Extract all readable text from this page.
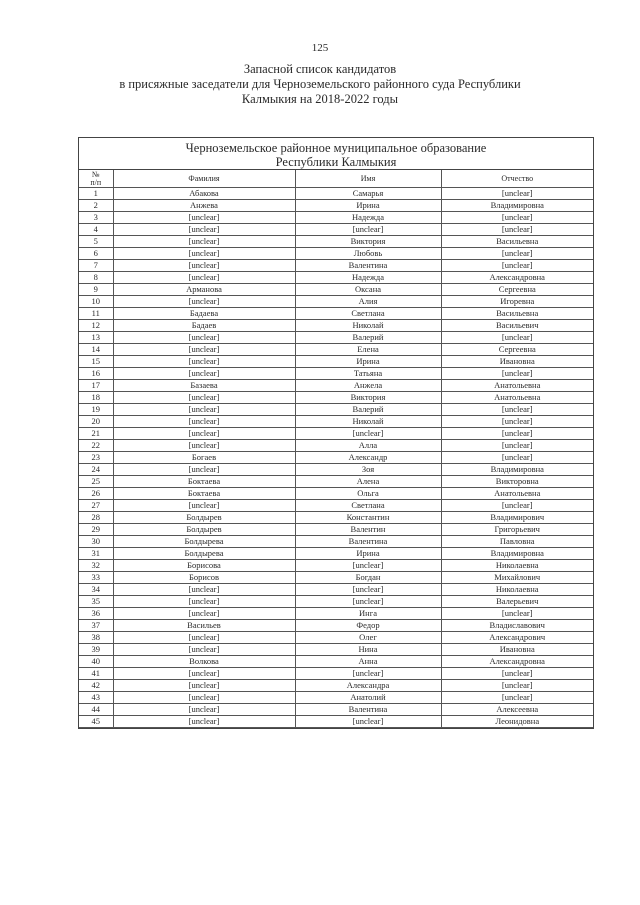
125
Запасной список кандидатов
в присяжные заседатели для Черноземельского районного суда Республики
Калмыкия на 2018-2022 годы
Черноземельское районное муниципальное образование
Республики Калмыкия
№
п/п	Фамилия	Имя	Отчество
1	Абакова	Самарья	[unclear]
2	Анжева	Ирина	Владимировна
3	[unclear]	Надежда	[unclear]
4	[unclear]	[unclear]	[unclear]
5	[unclear]	Виктория	Васильевна
6	[unclear]	Любовь	[unclear]
7	[unclear]	Валентина	[unclear]
8	[unclear]	Надежда	Александровна
9	Арманова	Оксана	Сергеевна
10	[unclear]	Алия	Игоревна
11	Бадаева	Светлана	Васильевна
12	Бадаев	Николай	Васильевич
13	[unclear]	Валерий	[unclear]
14	[unclear]	Елена	Сергеевна
15	[unclear]	Ирина	Ивановна
16	[unclear]	Татьяна	[unclear]
17	Базаева	Анжела	Анатольевна
18	[unclear]	Виктория	Анатольевна
19	[unclear]	Валерий	[unclear]
20	[unclear]	Николай	[unclear]
21	[unclear]	[unclear]	[unclear]
22	[unclear]	Алла	[unclear]
23	Богаев	Александр	[unclear]
24	[unclear]	Зоя	Владимировна
25	Боктаева	Алена	Викторовна
26	Боктаева	Ольга	Анатольевна
27	[unclear]	Светлана	[unclear]
28	Болдырев	Константин	Владимирович
29	Болдырев	Валентин	Григорьевич
30	Болдырева	Валентина	Павловна
31	Болдырева	Ирина	Владимировна
32	Борисова	[unclear]	Николаевна
33	Борисов	Богдан	Михайлович
34	[unclear]	[unclear]	Николаевна
35	[unclear]	[unclear]	Валерьевич
36	[unclear]	Инга	[unclear]
37	Васильев	Федор	Владиславович
38	[unclear]	Олег	Александрович
39	[unclear]	Нина	Ивановна
40	Волкова	Анна	Александровна
41	[unclear]	[unclear]	[unclear]
42	[unclear]	Александра	[unclear]
43	[unclear]	Анатолий	[unclear]
44	[unclear]	Валентина	Алексеевна
45	[unclear]	[unclear]	Леонидовна
